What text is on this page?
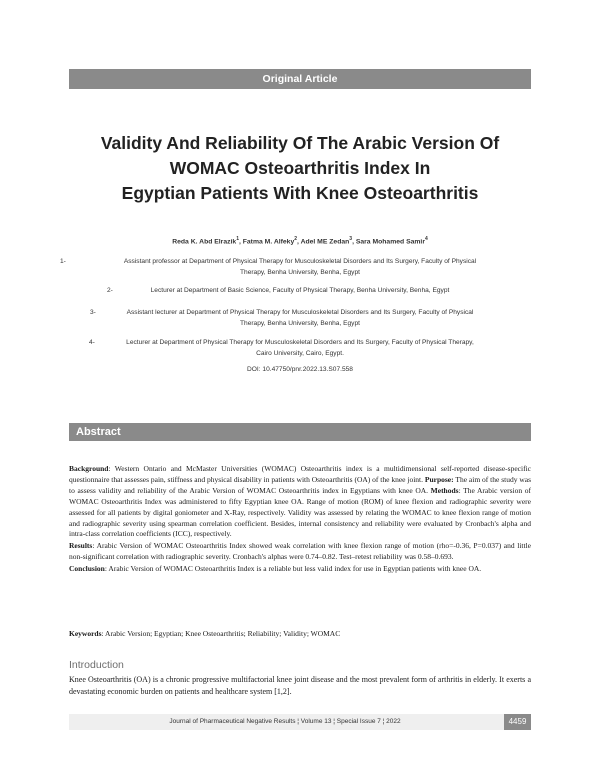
Original Article
Validity And Reliability Of The Arabic Version Of
WOMAC Osteoarthritis Index In
Egyptian Patients With Knee Osteoarthritis
Reda K. Abd Elrazik$^1$, Fatma M. Alfeky$^2$, Adel ME Zedan$^3$, Sara Mohamed Samir$^4$
1-	Assistant professor at Department of Physical Therapy for Musculoskeletal Disorders and Its Surgery, Faculty of Physical
Therapy, Benha University, Benha, Egypt
2-	Lecturer at Department of Basic Science, Faculty of Physical Therapy, Benha University, Benha, Egypt
3-	Assistant lecturer at Department of Physical Therapy for Musculoskeletal Disorders and Its Surgery, Faculty of Physical
Therapy, Benha University, Benha, Egypt
4-	Lecturer at Department of Physical Therapy for Musculoskeletal Disorders and Its Surgery, Faculty of Physical Therapy,
Cairo University, Cairo, Egypt.
DOI: 10.47750/pnr.2022.13.S07.558
Abstract

Background: Western Ontario and McMaster Universities (WOMAC) Osteoarthritis index is a multidimensional self-reported disease-specific questionnaire that assesses pain, stiffness and physical disability in patients with Osteoarthritis (OA) of the knee joint. Purpose: The aim of the study was to assess validity and reliability of the Arabic Version of WOMAC Osteoarthritis index in Egyptians with knee OA. Methods: The Arabic version of WOMAC Osteoarthritis Index was administered to fifty Egyptian knee OA. Range of motion (ROM) of knee flexion and radiographic severity were assessed for all patients by digital goniometer and X-Ray, respectively. Validity was assessed by relating the WOMAC to knee flexion range of motion and radiographic severity using spearman correlation coefficient. Besides, internal consistency and reliability were evaluated by Cronbach's alpha and intra-class correlation coefficients (ICC), respectively.

Results: Arabic Version of WOMAC Osteoarthritis Index showed weak correlation with knee flexion range of motion (rho=-0.36, P=0.037) and little non-significant correlation with radiographic severity. Cronbach's alphas were 0.74–0.82. Test–retest reliability was 0.58–0.693.

Conclusion: Arabic Version of WOMAC Osteoarthritis Index is a reliable but less valid index for use in Egyptian patients with knee OA.

Keywords: Arabic Version; Egyptian; Knee Osteoarthritis; Reliability; Validity; WOMAC
Introduction
Knee Osteoarthritis (OA) is a chronic progressive multifactorial knee joint disease and the most prevalent form of arthritis in elderly. It exerts a devastating economic burden on patients and healthcare system [1,2].
Journal of Pharmaceutical Negative Results ¦ Volume 13 ¦ Special Issue 7 ¦ 2022	4459
